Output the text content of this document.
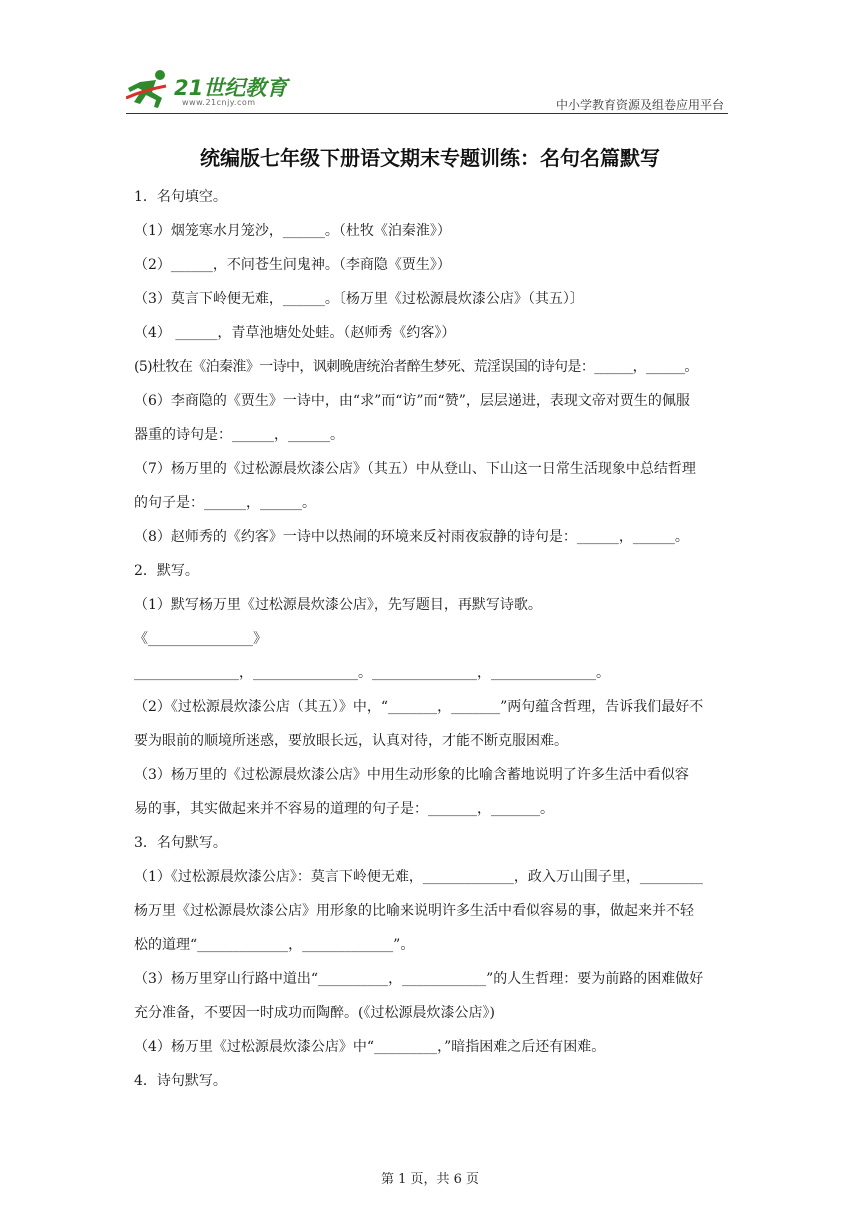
21世纪教育
www.21cnjy.com	中小学教育资源及组卷应用平台
统编版七年级下册语文期末专题训练：名句名篇默写
1．名句填空。
（1）烟笼寒水月笼沙，______。（杜牧《泊秦淮》）
（2）______，不问苍生问鬼神。（李商隐《贾生》）
（3）莫言下岭便无难，______。〔杨万里《过松源晨炊漆公店》（其五）〕
（4） ______，青草池塘处处蛙。（赵师秀《约客》）
(5)杜牧在《泊秦淮》一诗中，讽刺晚唐统治者醉生梦死、荒淫误国的诗句是：______，______。
（6）李商隐的《贾生》一诗中，由“求”而“访”而“赞”，层层递进，表现文帝对贾生的佩服
器重的诗句是：______，______。
（7）杨万里的《过松源晨炊漆公店》（其五）中从登山、下山这一日常生活现象中总结哲理
的句子是：______，______。
（8）赵师秀的《约客》一诗中以热闹的环境来反衬雨夜寂静的诗句是：______，______。
2．默写。
（1）默写杨万里《过松源晨炊漆公店》，先写题目，再默写诗歌。
《_______________》
_______________，_______________。_______________，_______________。
（2）《过松源晨炊漆公店（其五）》中，“_______，_______”两句蕴含哲理，告诉我们最好不
要为眼前的顺境所迷惑，要放眼长远，认真对待，才能不断克服困难。
（3）杨万里的《过松源晨炊漆公店》中用生动形象的比喻含蓄地说明了许多生活中看似容
易的事，其实做起来并不容易的道理的句子是：_______，_______。
3．名句默写。
（1）《过松源晨炊漆公店》：莫言下岭便无难，_____________，政入万山围子里，_________
杨万里《过松源晨炊漆公店》用形象的比喻来说明许多生活中看似容易的事，做起来并不轻
松的道理“_____________，_____________”。
（3）杨万里穿山行路中道出“__________，____________”的人生哲理：要为前路的困难做好
充分准备，不要因一时成功而陶醉。(《过松源晨炊漆公店》)
（4）杨万里《过松源晨炊漆公店》中“_________，”暗指困难之后还有困难。
4．诗句默写。
第 1 页，共 6 页
